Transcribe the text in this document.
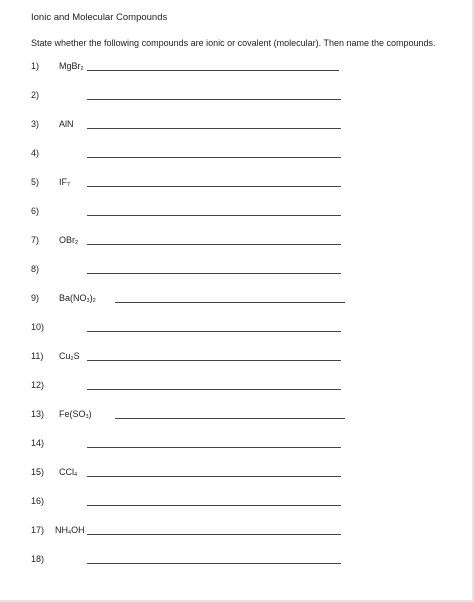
Ionic and Molecular Compounds
State whether the following compounds are ionic or covalent (molecular). Then name the compounds.
1) MgBr$_2$
2)
3) AlN
4)
5) $IF_7$
6)
7) OBr$_2$
8)
9) $Ba(NO_3)_2$
10)
11) $Cu_2S$
12)
13) $Fe(SO_3)$
14)
15) CCl$_4$
16)
17) $NH_4OH$
18)
